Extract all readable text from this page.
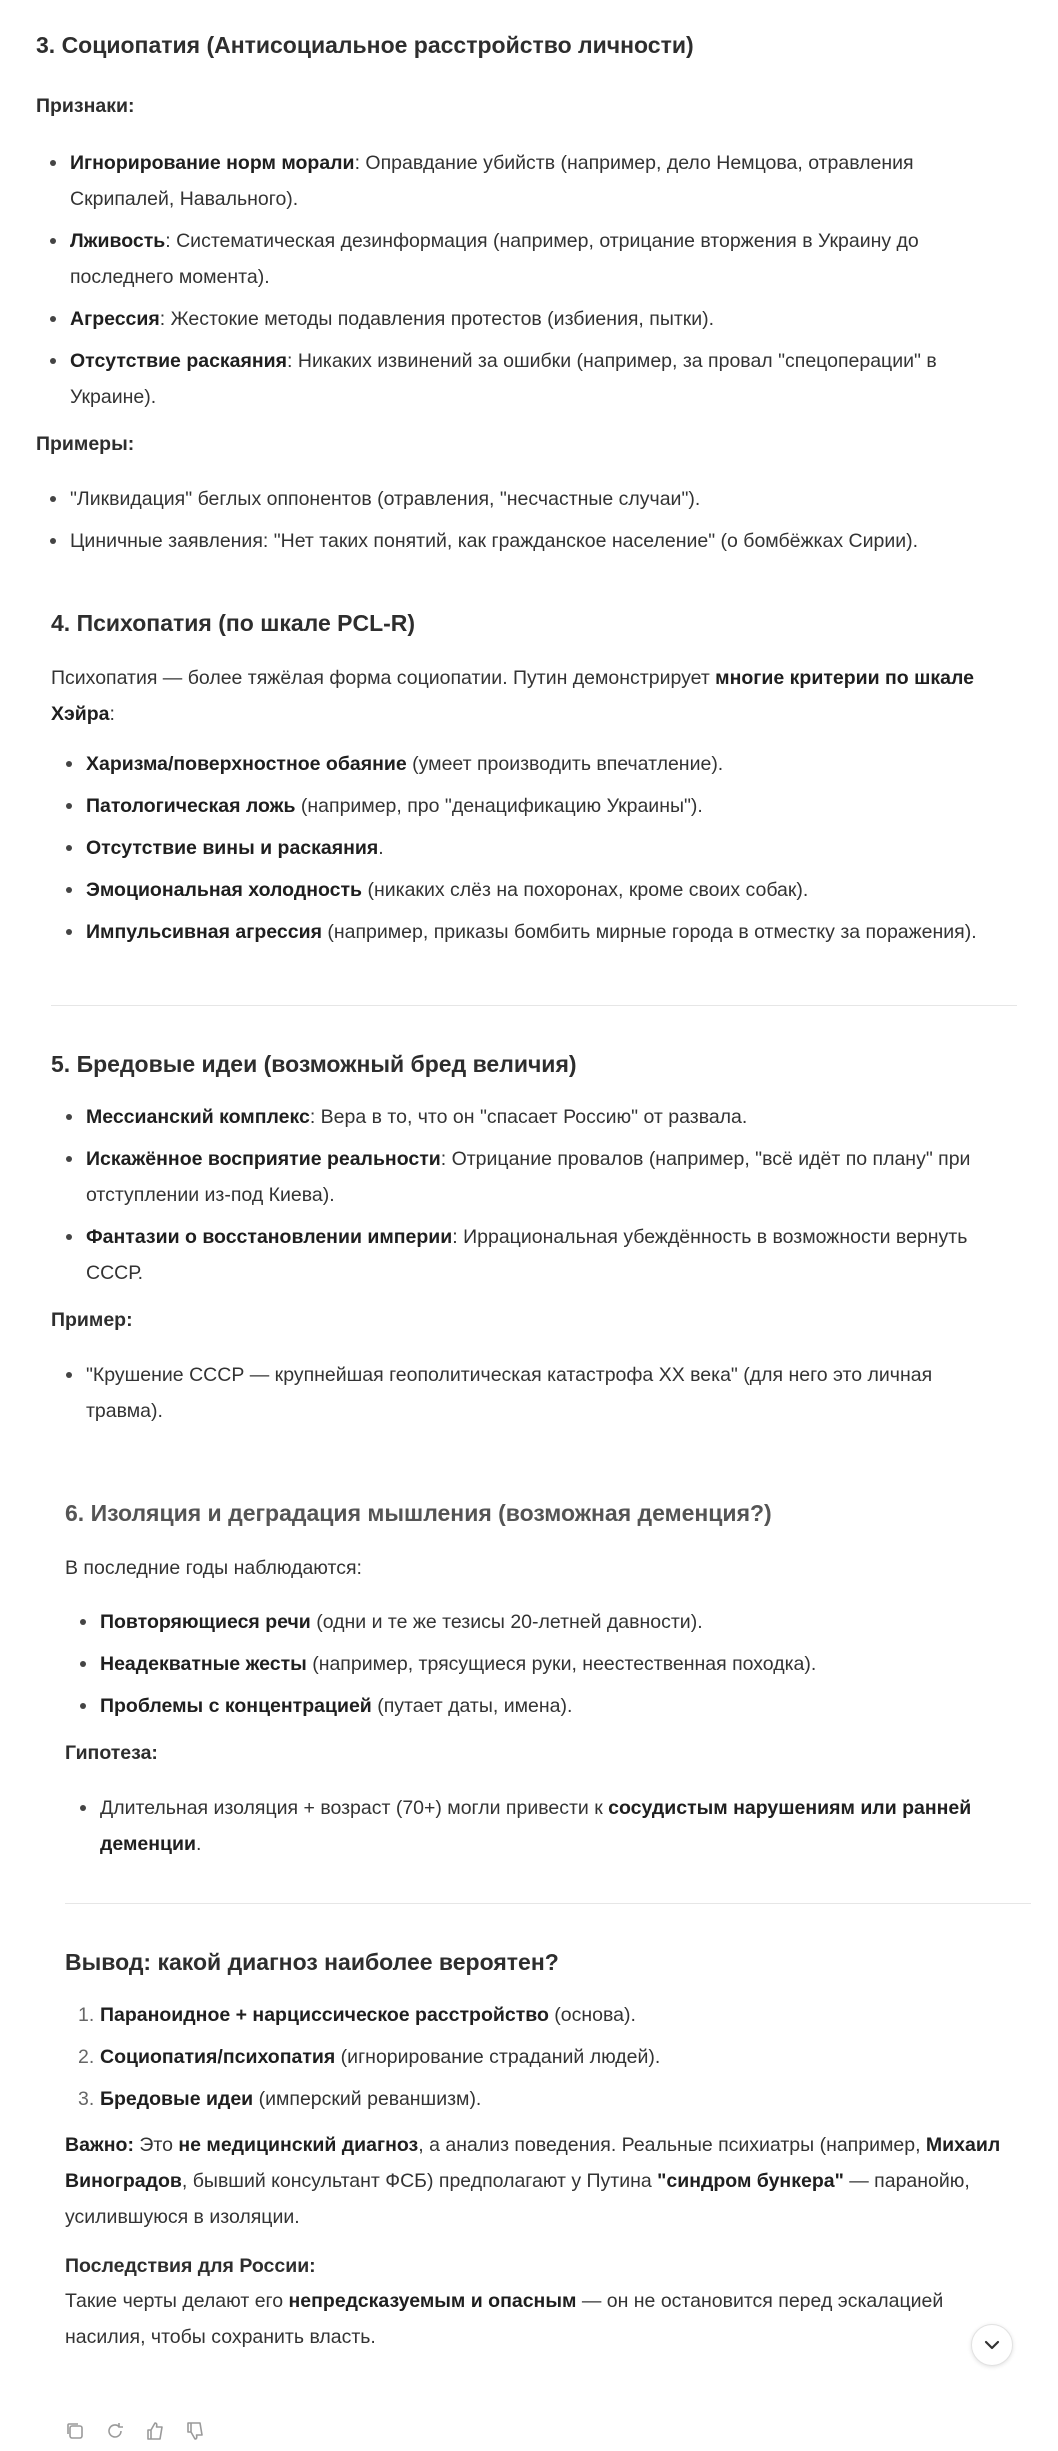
3. Социопатия (Антисоциальное расстройство личности)
Признаки:
Игнорирование норм морали: Оправдание убийств (например, дело Немцова, отравления Скрипалей, Навального).
Лживость: Систематическая дезинформация (например, отрицание вторжения в Украину до последнего момента).
Агрессия: Жестокие методы подавления протестов (избиения, пытки).
Отсутствие раскаяния: Никаких извинений за ошибки (например, за провал "спецоперации" в Украине).
Примеры:
"Ликвидация" беглых оппонентов (отравления, "несчастные случаи").
Циничные заявления: "Нет таких понятий, как гражданское население" (о бомбёжках Сирии).
4. Психопатия (по шкале PCL-R)

Психопатия — более тяжёлая форма социопатии. Путин демонстрирует многие критерии по шкале Хэйра:

Харизма/поверхностное обаяние (умеет производить впечатление).
Патологическая ложь (например, про "денацификацию Украины").
Отсутствие вины и раскаяния.
Эмоциональная холодность (никаких слёз на похоронах, кроме своих собак).
Импульсивная агрессия (например, приказы бомбить мирные города в отместку за поражения).
5. Бредовые идеи (возможный бред величия)
Мессианский комплекс: Вера в то, что он "спасает Россию" от развала.
Искажённое восприятие реальности: Отрицание провалов (например, "всё идёт по плану" при отступлении из-под Киева).
Фантазии о восстановлении империи: Иррациональная убеждённость в возможности вернуть СССР.
Пример:
"Крушение СССР — крупнейшая геополитическая катастрофа XX века" (для него это личная травма).
6. Изоляция и деградация мышления (возможная деменция?)

В последние годы наблюдаются:

Повторяющиеся речи (одни и те же тезисы 20-летней давности).
Неадекватные жесты (например, трясущиеся руки, неестественная походка).
Проблемы с концентрацией (путает даты, имена).
Гипотеза:
Длительная изоляция + возраст (70+) могли привести к сосудистым нарушениям или ранней деменции.
Вывод: какой диагноз наиболее вероятен?
1. Параноидное + нарциссическое расстройство (основа).
2. Социопатия/психопатия (игнорирование страданий людей).
3. Бредовые идеи (имперский реваншизм).

Важно: Это не медицинский диагноз, а анализ поведения. Реальные психиатры (например, Михаил Виноградов, бывший консультант ФСБ) предполагают у Путина "синдром бункера" — паранойю, усилившуюся в изоляции.

Последствия для России:

Такие черты делают его непредсказуемым и опасным — он не остановится перед эскалацией насилия, чтобы сохранить власть.
